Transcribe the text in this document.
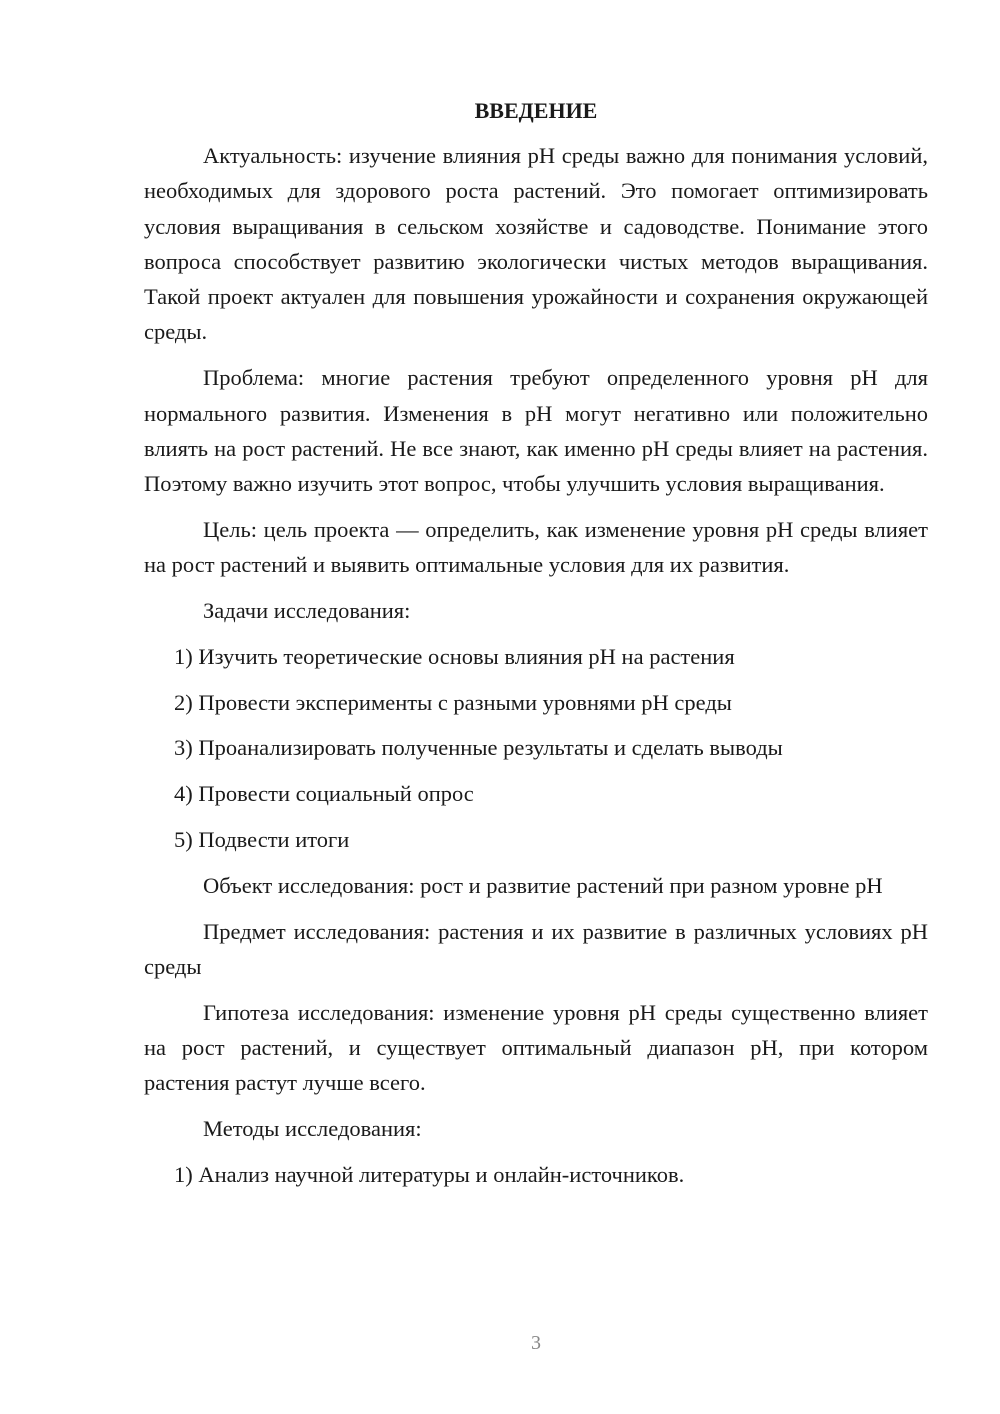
ВВЕДЕНИЕ
Актуальность: изучение влияния pH среды важно для понимания условий, необходимых для здорового роста растений. Это помогает оптимизировать условия выращивания в сельском хозяйстве и садоводстве. Понимание этого вопроса способствует развитию экологически чистых методов выращивания. Такой проект актуален для повышения урожайности и сохранения окружающей среды.
Проблема: многие растения требуют определенного уровня pH для нормального развития. Изменения в pH могут негативно или положительно влиять на рост растений. Не все знают, как именно pH среды влияет на растения. Поэтому важно изучить этот вопрос, чтобы улучшить условия выращивания.
Цель: цель проекта — определить, как изменение уровня pH среды влияет на рост растений и выявить оптимальные условия для их развития.
Задачи исследования:
1) Изучить теоретические основы влияния pH на растения
2) Провести эксперименты с разными уровнями pH среды
3) Проанализировать полученные результаты и сделать выводы
4) Провести социальный опрос
5) Подвести итоги
Объект исследования: рост и развитие растений при разном уровне pH
Предмет исследования: растения и их развитие в различных условиях pH среды
Гипотеза исследования: изменение уровня pH среды существенно влияет на рост растений, и существует оптимальный диапазон pH, при котором растения растут лучше всего.
Методы исследования:
1) Анализ научной литературы и онлайн-источников.
3
